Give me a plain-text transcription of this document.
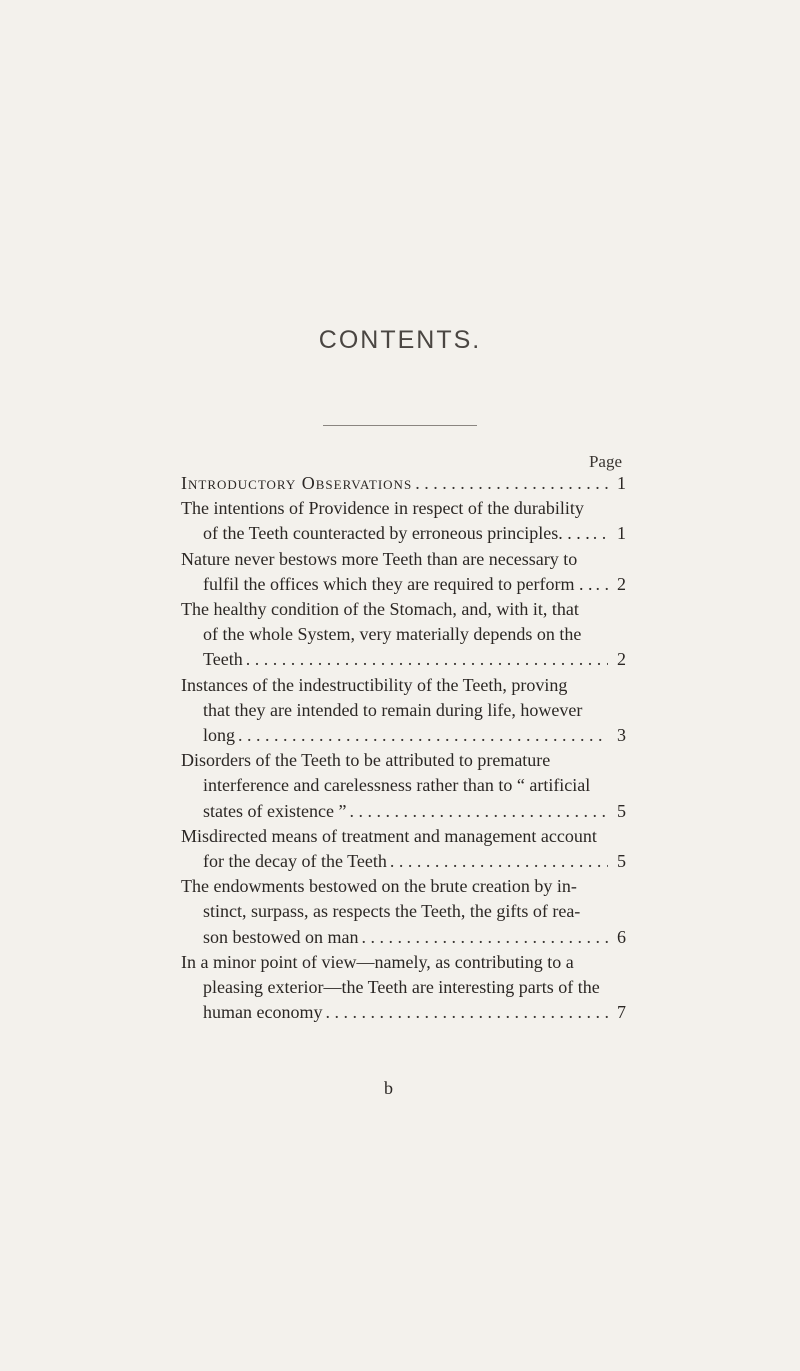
CONTENTS.
Page
Introductory Observations . . .	1
The intentions of Providence in respect of the durability
of the Teeth counteracted by erroneous principles. . . . . . . 1
Nature never bestows more Teeth than are necessary to
fulfil the offices which they are required to perform . . . . . 2
The healthy condition of the Stomach, and, with it, that
of the whole System, very materially depends on the
Teeth . . .	2
Instances of the indestructibility of the Teeth, proving
that they are intended to remain during life, however
long . . .	3
Disorders of the Teeth to be attributed to premature
interference and carelessness rather than to “ artificial
states of existence ” . . .	5
Misdirected means of treatment and management account
for the decay of the Teeth . . .	5
The endowments bestowed on the brute creation by in-
stinct, surpass, as respects the Teeth, the gifts of rea-
son bestowed on man . . .	6
In a minor point of view—namely, as contributing to a
pleasing exterior—the Teeth are interesting parts of the
human economy . . .	7
b
